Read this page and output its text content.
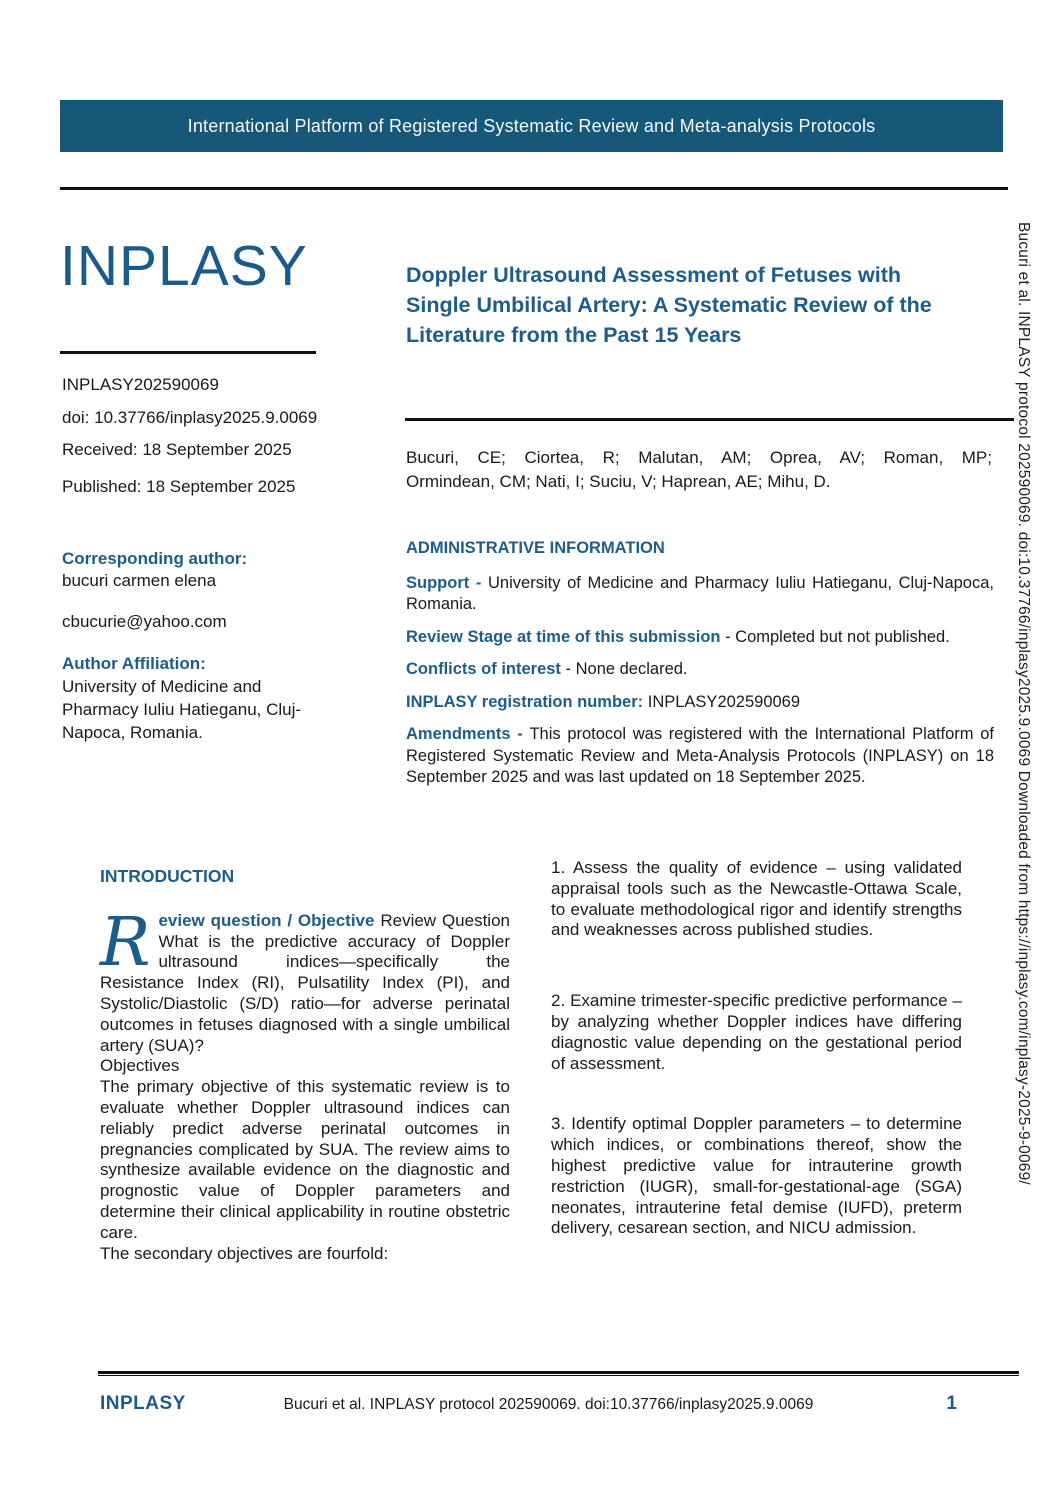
International Platform of Registered Systematic Review and Meta-analysis Protocols
INPLASY
INPLASY202590069
doi: 10.37766/inplasy2025.9.0069
Received: 18 September 2025
Published: 18 September 2025
Corresponding author:
bucuri carmen elena
cbucurie@yahoo.com
Author Affiliation:
University of Medicine and Pharmacy Iuliu Hatieganu, Cluj-Napoca, Romania.
Doppler Ultrasound Assessment of Fetuses with
Single Umbilical Artery: A Systematic Review of the
Literature from the Past 15 Years
Bucuri, CE; Ciortea, R; Malutan, AM; Oprea, AV; Roman, MP;
Ormindean, CM; Nati, I; Suciu, V; Haprean, AE; Mihu, D.
ADMINISTRATIVE INFORMATION

Support - University of Medicine and Pharmacy Iuliu Hatieganu, Cluj-Napoca, Romania.

Review Stage at time of this submission - Completed but not published.

Conflicts of interest - None declared.

INPLASY registration number: INPLASY202590069

Amendments - This protocol was registered with the International Platform of Registered Systematic Review and Meta-Analysis Protocols (INPLASY) on 18 September 2025 and was last updated on 18 September 2025.

INTRODUCTION

Review question / Objective Review Question What is the predictive accuracy of Doppler ultrasound indices—specifically the Resistance Index (RI), Pulsatility Index (PI), and Systolic/Diastolic (S/D) ratio—for adverse perinatal outcomes in fetuses diagnosed with a single umbilical artery (SUA)?

Objectives

The primary objective of this systematic review is to evaluate whether Doppler ultrasound indices can reliably predict adverse perinatal outcomes in pregnancies complicated by SUA. The review aims to synthesize available evidence on the diagnostic and prognostic value of Doppler parameters and determine their clinical applicability in routine obstetric care.

The secondary objectives are fourfold:

1. Assess the quality of evidence – using validated appraisal tools such as the Newcastle-Ottawa Scale, to evaluate methodological rigor and identify strengths and weaknesses across published studies.

2. Examine trimester-specific predictive performance – by analyzing whether Doppler indices have differing diagnostic value depending on the gestational period of assessment.

3. Identify optimal Doppler parameters – to determine which indices, or combinations thereof, show the highest predictive value for intrauterine growth restriction (IUGR), small-for-gestational-age (SGA) neonates, intrauterine fetal demise (IUFD), preterm delivery, cesarean section, and NICU admission.

INPLASY	Bucuri et al. INPLASY protocol 202590069. doi:10.37766/inplasy2025.9.0069	1
Bucuri et al. INPLASY protocol 202590069. doi:10.37766/inplasy2025.9.0069 Downloaded from https://inplasy.com/inplasy-2025-9-0069/
